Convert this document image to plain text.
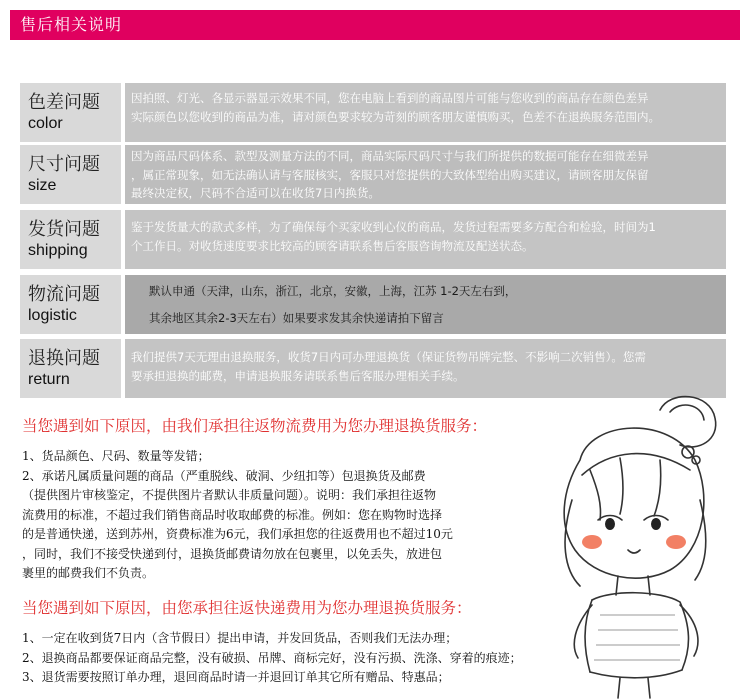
售后相关说明
色差问题
color
因拍照、灯光、各显示器显示效果不同，您在电脑上看到的商品图片可能与您收到的商品存在颜色差异
实际颜色以您收到的商品为准，请对颜色要求较为苛刻的顾客朋友谨慎购买，色差不在退换服务范围内。
尺寸问题
size
因为商品尺码体系、款型及测量方法的不同，商品实际尺码尺寸与我们所提供的数据可能存在细微差异
，属正常现象，如无法确认请与客服核实，客服只对您提供的大致体型给出购买建议，请顾客朋友保留
最终决定权，尺码不合适可以在收货7日内换货。
发货问题
shipping
鉴于发货量大的款式多样，为了确保每个买家收到心仪的商品，发货过程需要多方配合和检验，时间为1
个工作日。对收货速度要求比较高的顾客请联系售后客服咨询物流及配送状态。
物流问题
logistic
默认申通（天津，山东，浙江，北京，安徽，上海，江苏 1-2天左右到，
其余地区其余2-3天左右）如果要求发其余快递请拍下留言
退换问题
return
我们提供7天无理由退换服务，收货7日内可办理退换货（保证货物吊牌完整、不影响二次销售）。您需
要承担退换的邮费，申请退换服务请联系售后客服办理相关手续。
当您遇到如下原因，由我们承担往返物流费用为您办理退换货服务：
1、货品颜色、尺码、数量等发错；
2、承诺凡属质量问题的商品（严重脱线、破洞、少纽扣等）包退换货及邮费
（提供图片审核鉴定，不提供图片者默认非质量问题）。说明：我们承担往返物
流费用的标准，不超过我们销售商品时收取邮费的标准。例如：您在购物时选择
的是普通快递，送到苏州，资费标准为6元，我们承担您的往返费用也不超过10元
，同时，我们不接受快递到付，退换货邮费请勿放在包裹里，以免丢失，放进包
裹里的邮费我们不负责。
当您遇到如下原因，由您承担往返快递费用为您办理退换货服务：
1、一定在收到货7日内（含节假日）提出申请，并发回货品，否则我们无法办理；
2、退换商品都要保证商品完整，没有破损、吊牌、商标完好，没有污损、洗涤、穿着的痕迹；
3、退货需要按照订单办理，退回商品时请一并退回订单其它所有赠品、特惠品；
